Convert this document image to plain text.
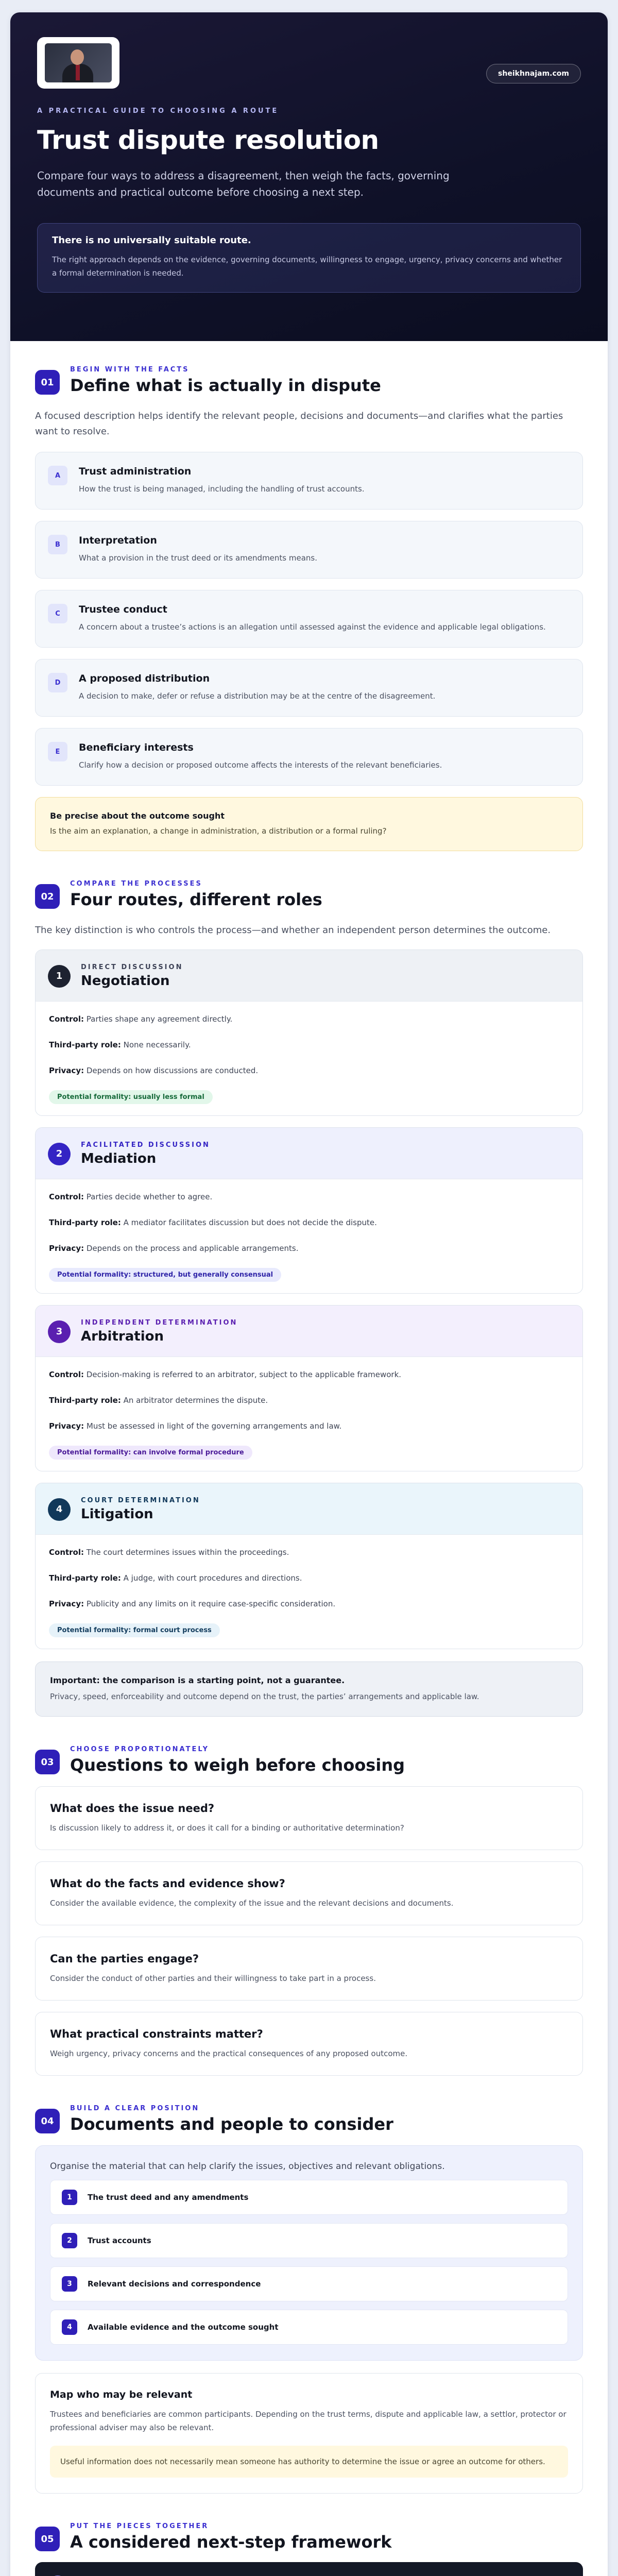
sheikhnajam.com
A PRACTICAL GUIDE TO CHOOSING A ROUTE
Trust dispute resolution

Compare four ways to address a disagreement, then weigh the facts, governing documents and practical outcome before choosing a next step.

There is no universally suitable route.
The right approach depends on the evidence, governing documents, willingness to engage, urgency, privacy concerns and whether a formal determination is needed.
01
BEGIN WITH THE FACTS
Define what is actually in dispute

A focused description helps identify the relevant people, decisions and documents—and clarifies what the parties want to resolve.

A	Trust administration
How the trust is being managed, including the handling of trust accounts.
B	Interpretation
What a provision in the trust deed or its amendments means.
C	Trustee conduct
A concern about a trustee’s actions is an allegation until assessed against the evidence and applicable legal obligations.
D	A proposed distribution
A decision to make, defer or refuse a distribution may be at the centre of the disagreement.
E	Beneficiary interests
Clarify how a decision or proposed outcome affects the interests of the relevant beneficiaries.
Be precise about the outcome sought
Is the aim an explanation, a change in administration, a distribution or a formal ruling?
02
COMPARE THE PROCESSES
Four routes, different roles

The key distinction is who controls the process—and whether an independent person determines the outcome.

1
DIRECT DISCUSSION
Negotiation
Control: Parties shape any agreement directly.
Third-party role: None necessarily.
Privacy: Depends on how discussions are conducted.
Potential formality: usually less formal
2
FACILITATED DISCUSSION
Mediation
Control: Parties decide whether to agree.
Third-party role: A mediator facilitates discussion but does not decide the dispute.
Privacy: Depends on the process and applicable arrangements.
Potential formality: structured, but generally consensual
3
INDEPENDENT DETERMINATION
Arbitration
Control: Decision-making is referred to an arbitrator, subject to the applicable framework.
Third-party role: An arbitrator determines the dispute.
Privacy: Must be assessed in light of the governing arrangements and law.
Potential formality: can involve formal procedure
4
COURT DETERMINATION
Litigation
Control: The court determines issues within the proceedings.
Third-party role: A judge, with court procedures and directions.
Privacy: Publicity and any limits on it require case-specific consideration.
Potential formality: formal court process
Important: the comparison is a starting point, not a guarantee.
Privacy, speed, enforceability and outcome depend on the trust, the parties’ arrangements and applicable law.
03
CHOOSE PROPORTIONATELY
Questions to weigh before choosing
What does the issue need?
Is discussion likely to address it, or does it call for a binding or authoritative determination?
What do the facts and evidence show?
Consider the available evidence, the complexity of the issue and the relevant decisions and documents.
Can the parties engage?
Consider the conduct of other parties and their willingness to take part in a process.
What practical constraints matter?
Weigh urgency, privacy concerns and the practical consequences of any proposed outcome.
04
BUILD A CLEAR POSITION
Documents and people to consider
Organise the material that can help clarify the issues, objectives and relevant obligations.
1	The trust deed and any amendments
2	Trust accounts
3	Relevant decisions and correspondence
4	Available evidence and the outcome sought
Map who may be relevant
Trustees and beneficiaries are common participants. Depending on the trust terms, dispute and applicable law, a settlor, protector or professional adviser may also be relevant.
Useful information does not necessarily mean someone has authority to determine the issue or agree an outcome for others.
05
PUT THE PIECES TOGETHER
A considered next-step framework
